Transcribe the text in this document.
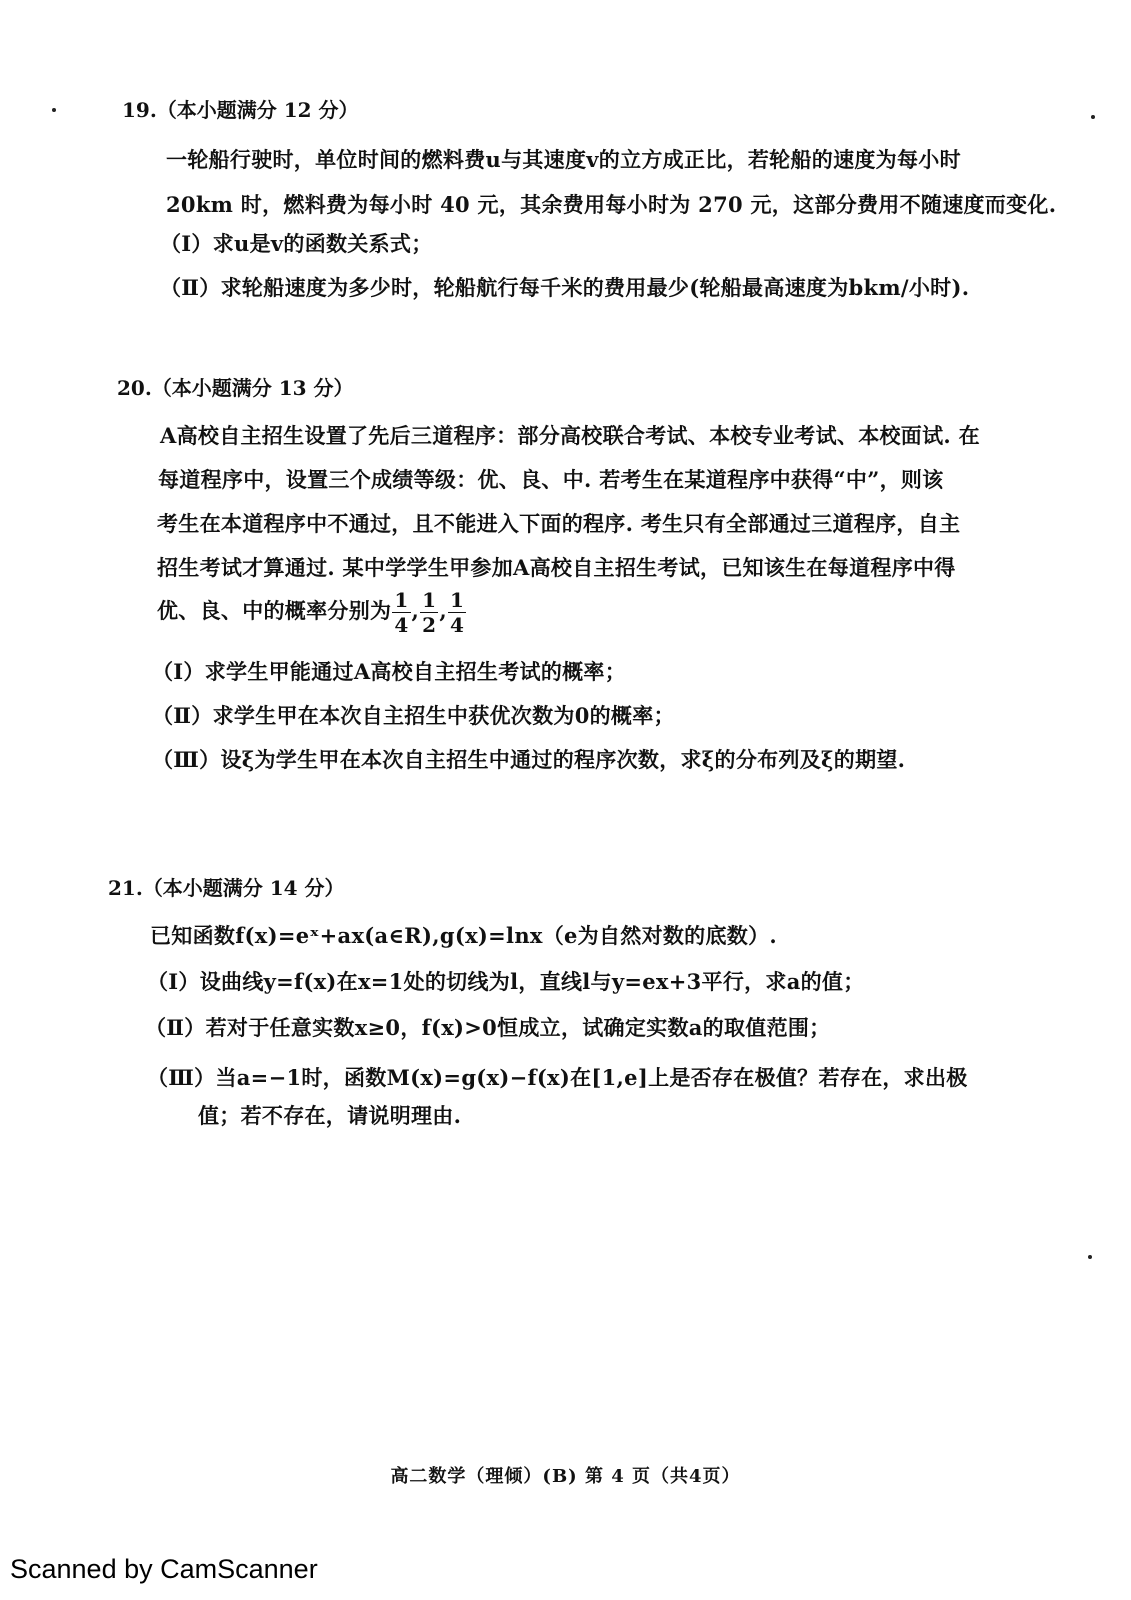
19.（本小题满分 12 分）
一轮船行驶时，单位时间的燃料费u与其速度v的立方成正比，若轮船的速度为每小时
20km 时，燃料费为每小时 40 元，其余费用每小时为 270 元，这部分费用不随速度而变化.
（Ⅰ）求u是v的函数关系式；
（Ⅱ）求轮船速度为多少时，轮船航行每千米的费用最少(轮船最高速度为bkm/小时).
20.（本小题满分 13 分）
A高校自主招生设置了先后三道程序：部分高校联合考试、本校专业考试、本校面试. 在
每道程序中，设置三个成绩等级：优、良、中. 若考生在某道程序中获得“中”，则该
考生在本道程序中不通过，且不能进入下面的程序. 考生只有全部通过三道程序，自主
招生考试才算通过. 某中学学生甲参加A高校自主招生考试，已知该生在每道程序中得
优、良、中的概率分别为 $\frac{1}{4}$ , $\frac{1}{2}$ , $\frac{1}{4}$
（Ⅰ）求学生甲能通过A高校自主招生考试的概率；
（Ⅱ）求学生甲在本次自主招生中获优次数为0的概率；
（Ⅲ）设ξ为学生甲在本次自主招生中通过的程序次数，求ξ的分布列及ξ的期望.
21.（本小题满分 14 分）
已知函数f(x)=eˣ+ax(a∈R),g(x)=lnx（e为自然对数的底数）.
（Ⅰ）设曲线y=f(x)在x=1处的切线为l，直线l与y=ex+3平行，求a的值；
（Ⅱ）若对于任意实数x≥0，f(x)>0恒成立，试确定实数a的取值范围；
（Ⅲ）当a=−1时，函数M(x)=g(x)−f(x)在[1,e]上是否存在极值？若存在，求出极
值；若不存在，请说明理由.
高二数学（理倾）(B) 第 4 页（共4页）
Scanned by CamScanner
